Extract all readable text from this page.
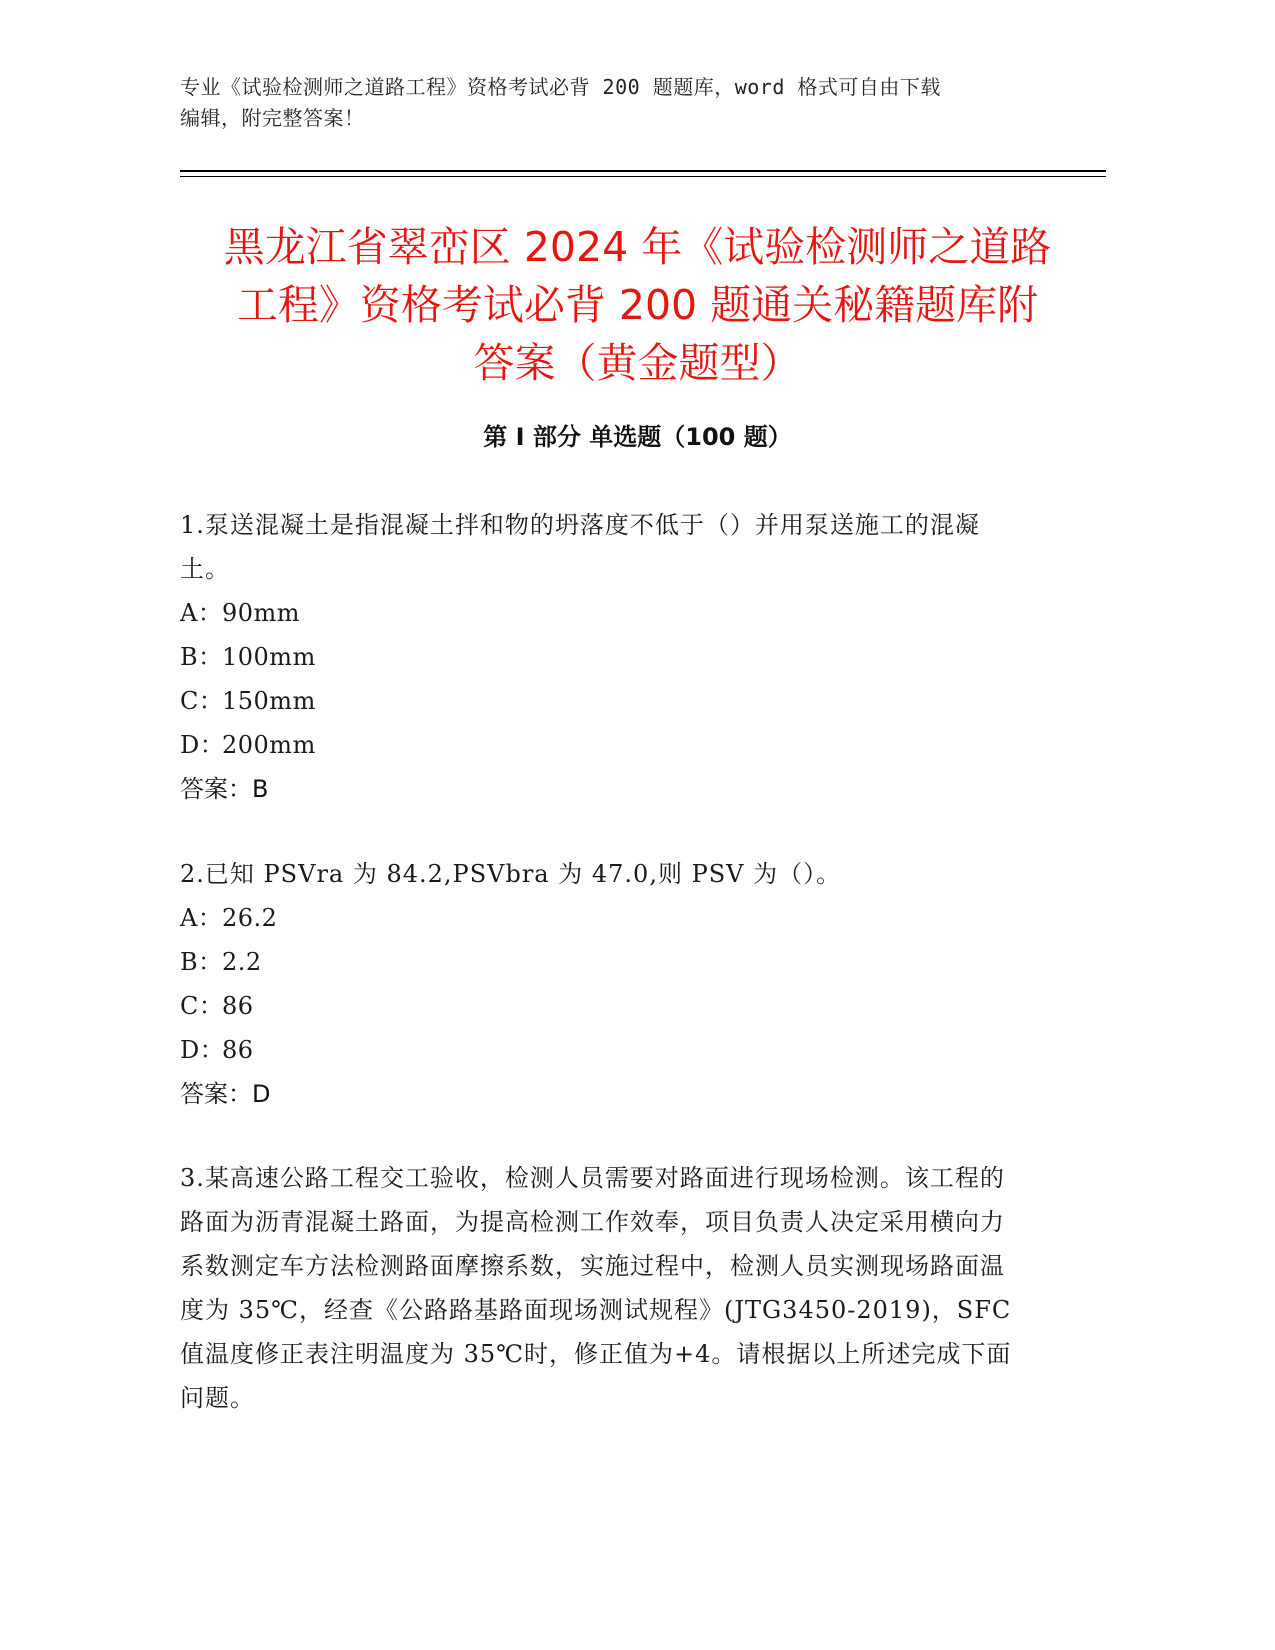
专业《试验检测师之道路工程》资格考试必背 200 题题库，word 格式可自由下载
编辑，附完整答案！
黑龙江省翠峦区 2024 年《试验检测师之道路
工程》资格考试必背 200 题通关秘籍题库附
答案（黄金题型）
第 I 部分 单选题（100 题）

1.泵送混凝土是指混凝土拌和物的坍落度不低于（）并用泵送施工的混凝土。

A：90mm

B：100mm

C：150mm

D：200mm

答案：B

2.已知 PSVra 为 84.2,PSVbra 为 47.0,则 PSV 为（）。

A：26.2

B：2.2

C：86

D：86

答案：D

3.某高速公路工程交工验收，检测人员需要对路面进行现场检测。该工程的路面为沥青混凝土路面，为提高检测工作效奉，项目负责人决定采用横向力系数测定车方法检测路面摩擦系数，实施过程中，检测人员实测现场路面温度为 35℃，经查《公路路基路面现场测试规程》(JTG3450-2019)，SFC 值温度修正表注明温度为 35℃时，修正值为+4。请根据以上所述完成下面问题。
